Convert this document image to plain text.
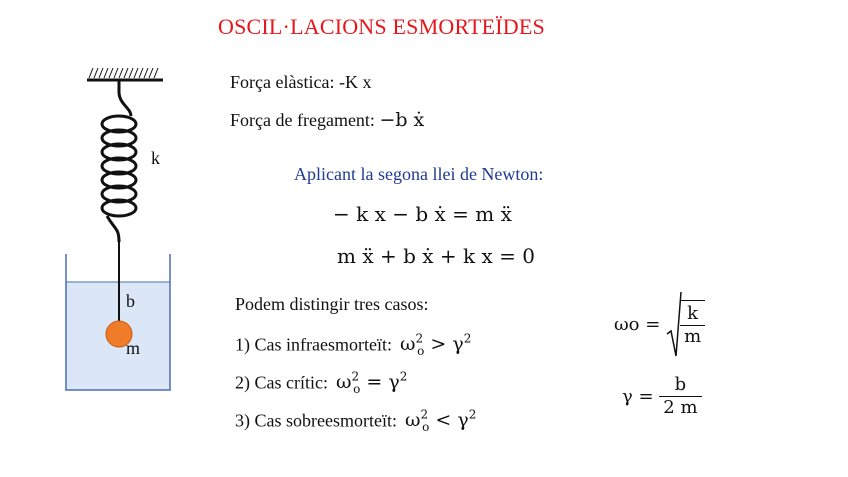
OSCIL·LACIONS ESMORTEÏDES
Força elàstica: -K x
Força de fregament: −b ẋ
Aplicant la segona llei de Newton:
− k x − b ẋ = m ẍ
m ẍ + b ẋ + k x = 0
Podem distingir tres casos:
1) Cas infraesmorteït: $\omega^2_o > \gamma^2$
2) Cas crític: $\omega^2_o = \gamma^2$
3) Cas sobreesmorteït: $\omega^2_o < \gamma^2$
$\omega o = \frac{k}{m}$
$\gamma = \frac{b}{2 m}$
k
b
m
